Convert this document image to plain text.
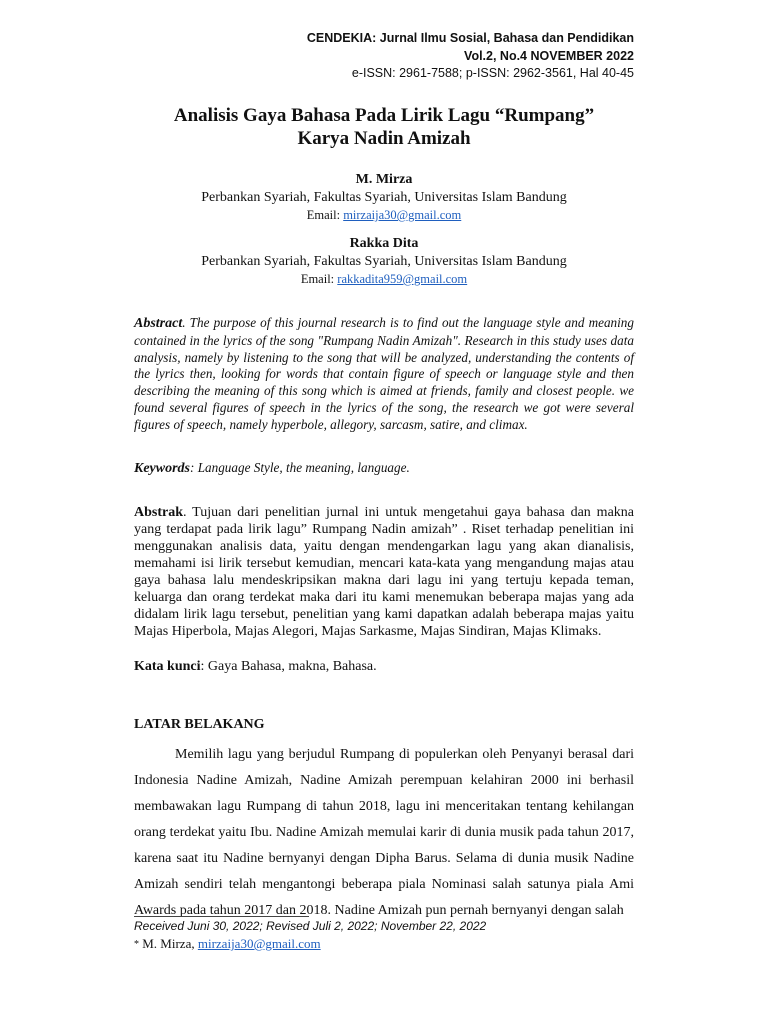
CENDEKIA: Jurnal Ilmu Sosial, Bahasa dan Pendidikan
Vol.2, No.4 NOVEMBER 2022
e-ISSN: 2961-7588; p-ISSN: 2962-3561, Hal 40-45
Analisis Gaya Bahasa Pada Lirik Lagu “Rumpang”
Karya Nadin Amizah
M. Mirza
Perbankan Syariah, Fakultas Syariah, Universitas Islam Bandung
Email: mirzaija30@gmail.com
Rakka Dita
Perbankan Syariah, Fakultas Syariah, Universitas Islam Bandung
Email: rakkadita959@gmail.com
Abstract. The purpose of this journal research is to find out the language style and meaning contained in the lyrics of the song "Rumpang Nadin Amizah". Research in this study uses data analysis, namely by listening to the song that will be analyzed, understanding the contents of the lyrics then, looking for words that contain figure of speech or language style and then describing the meaning of this song which is aimed at friends, family and closest people. we found several figures of speech in the lyrics of the song, the research we got were several figures of speech, namely hyperbole, allegory, sarcasm, satire, and climax.
Keywords: Language Style, the meaning, language.
Abstrak. Tujuan dari penelitian jurnal ini untuk mengetahui gaya bahasa dan makna yang terdapat pada lirik lagu” Rumpang Nadin amizah” . Riset terhadap penelitian ini menggunakan analisis data, yaitu dengan mendengarkan lagu yang akan dianalisis, memahami isi lirik tersebut kemudian, mencari kata-kata yang mengandung majas atau gaya bahasa lalu mendeskripsikan makna dari lagu ini yang tertuju kepada teman, keluarga dan orang terdekat maka dari itu kami menemukan beberapa majas yang ada didalam lirik lagu tersebut, penelitian yang kami dapatkan adalah beberapa majas yaitu Majas Hiperbola, Majas Alegori, Majas Sarkasme, Majas Sindiran, Majas Klimaks.
Kata kunci: Gaya Bahasa, makna, Bahasa.
LATAR BELAKANG

Memilih lagu yang berjudul Rumpang di populerkan oleh Penyanyi berasal dari Indonesia Nadine Amizah, Nadine Amizah perempuan kelahiran 2000 ini berhasil membawakan lagu Rumpang di tahun 2018, lagu ini menceritakan tentang kehilangan orang terdekat yaitu Ibu. Nadine Amizah memulai karir di dunia musik pada tahun 2017, karena saat itu Nadine bernyanyi dengan Dipha Barus. Selama di dunia musik Nadine Amizah sendiri telah mengantongi beberapa piala Nominasi salah satunya piala Ami Awards pada tahun 2017 dan 2018. Nadine Amizah pun pernah bernyanyi dengan salah

Received Juni 30, 2022; Revised Juli 2, 2022; November 22, 2022
* M. Mirza, mirzaija30@gmail.com
